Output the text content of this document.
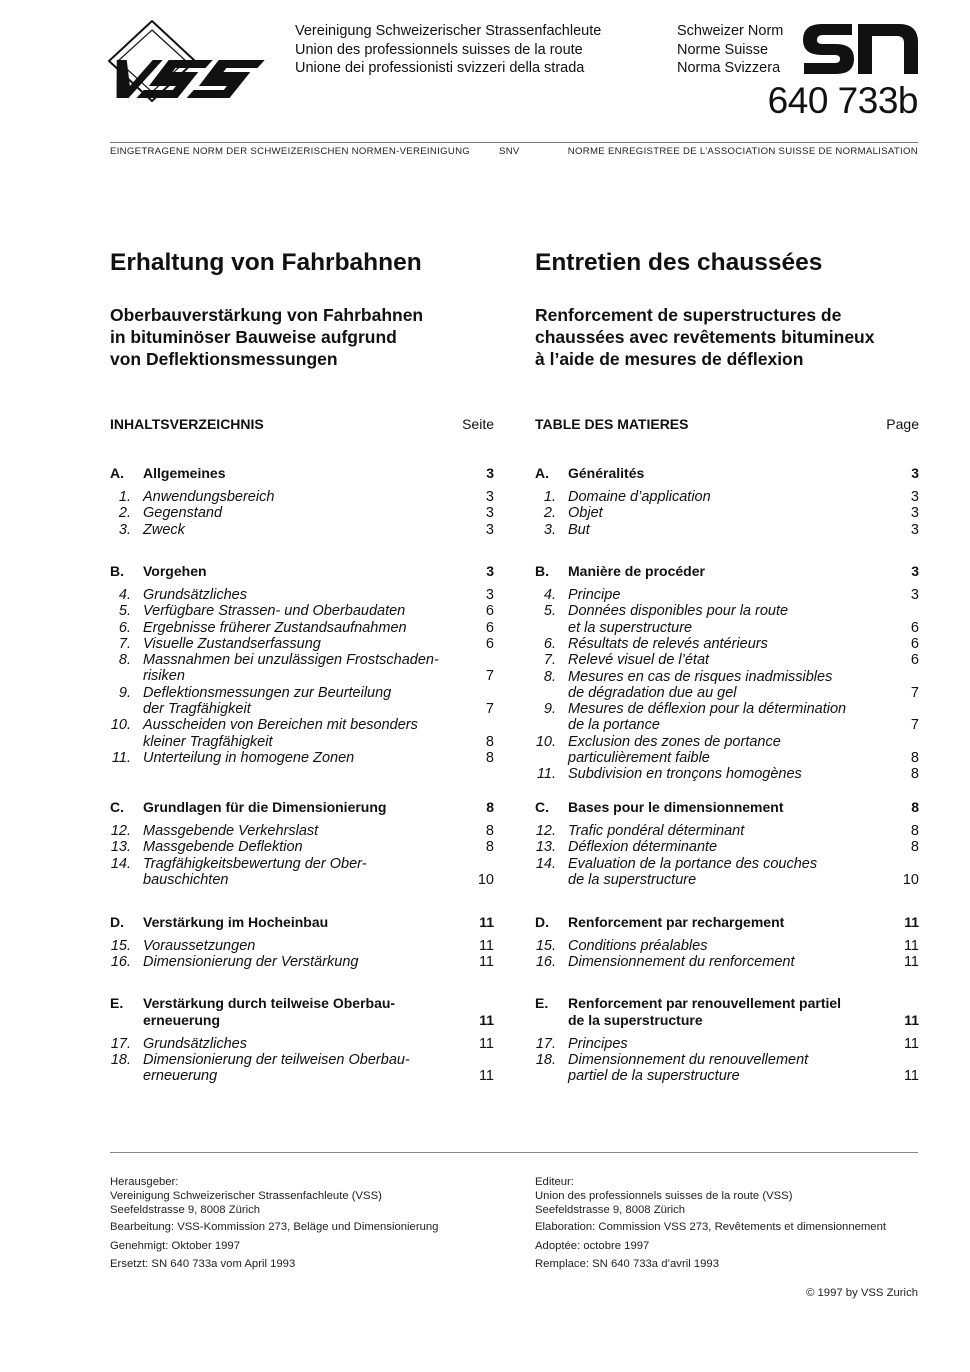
Vereinigung Schweizerischer Strassenfachleute
Union des professionnels suisses de la route
Unione dei professionisti svizzeri della strada
Schweizer Norm
Norme Suisse
Norma Svizzera
640 733b
EINGETRAGENE NORM DER SCHWEIZERISCHEN NORMEN-VEREINIGUNG	SNV	NORME ENREGISTREE DE L’ASSOCIATION SUISSE DE NORMALISATION
Erhaltung von Fahrbahnen
Oberbauverstärkung von Fahrbahnen
in bituminöser Bauweise aufgrund
von Deflektionsmessungen
INHALTSVERZEICHNIS	Seite
A. Allgemeines	3
1. Anwendungsbereich	3
2. Gegenstand	3
3. Zweck	3
B. Vorgehen	3
4. Grundsätzliches	3
5. Verfügbare Strassen- und Oberbaudaten	6
6. Ergebnisse früherer Zustandsaufnahmen	6
7. Visuelle Zustandserfassung	6
8. Massnahmen bei unzulässigen Frostschaden-
risiken	7
9. Deflektionsmessungen zur Beurteilung
der Tragfähigkeit	7
10. Ausscheiden von Bereichen mit besonders
kleiner Tragfähigkeit	8
11. Unterteilung in homogene Zonen	8
C. Grundlagen für die Dimensionierung	8
12. Massgebende Verkehrslast	8
13. Massgebende Deflektion	8
14. Tragfähigkeitsbewertung der Ober-
bauschichten	10
D. Verstärkung im Hocheinbau	11
15. Voraussetzungen	11
16. Dimensionierung der Verstärkung	11
E. Verstärkung durch teilweise Oberbau-
erneuerung	11
17. Grundsätzliches	11
18. Dimensionierung der teilweisen Oberbau-
erneuerung	11
Entretien des chaussées
Renforcement de superstructures de
chaussées avec revêtements bitumineux
à l’aide de mesures de déflexion
TABLE DES MATIERES	Page
A. Généralités	3
1. Domaine d’application	3
2. Objet	3
3. But	3
B. Manière de procéder	3
4. Principe	3
5. Données disponibles pour la route
et la superstructure	6
6. Résultats de relevés antérieurs	6
7. Relevé visuel de l’état	6
8. Mesures en cas de risques inadmissibles
de dégradation due au gel	7
9. Mesures de déflexion pour la détermination
de la portance	7
10. Exclusion des zones de portance
particulièrement faible	8
11. Subdivision en tronçons homogènes	8
C. Bases pour le dimensionnement	8
12. Trafic pondéral déterminant	8
13. Déflexion déterminante	8
14. Evaluation de la portance des couches
de la superstructure	10
D. Renforcement par rechargement	11
15. Conditions préalables	11
16. Dimensionnement du renforcement	11
E. Renforcement par renouvellement partiel
de la superstructure	11
17. Principes	11
18. Dimensionnement du renouvellement
partiel de la superstructure	11
Herausgeber:
Vereinigung Schweizerischer Strassenfachleute (VSS)
Seefeldstrasse 9, 8008 Zürich
Bearbeitung: VSS-Kommission 273, Beläge und Dimensionierung
Genehmigt: Oktober 1997
Ersetzt: SN 640 733a vom April 1993
Editeur:
Union des professionnels suisses de la route (VSS)
Seefeldstrasse 9, 8008 Zürich
Elaboration: Commission VSS 273, Revêtements et dimensionnement
Adoptée: octobre 1997
Remplace: SN 640 733a d’avril 1993
© 1997 by VSS Zurich
